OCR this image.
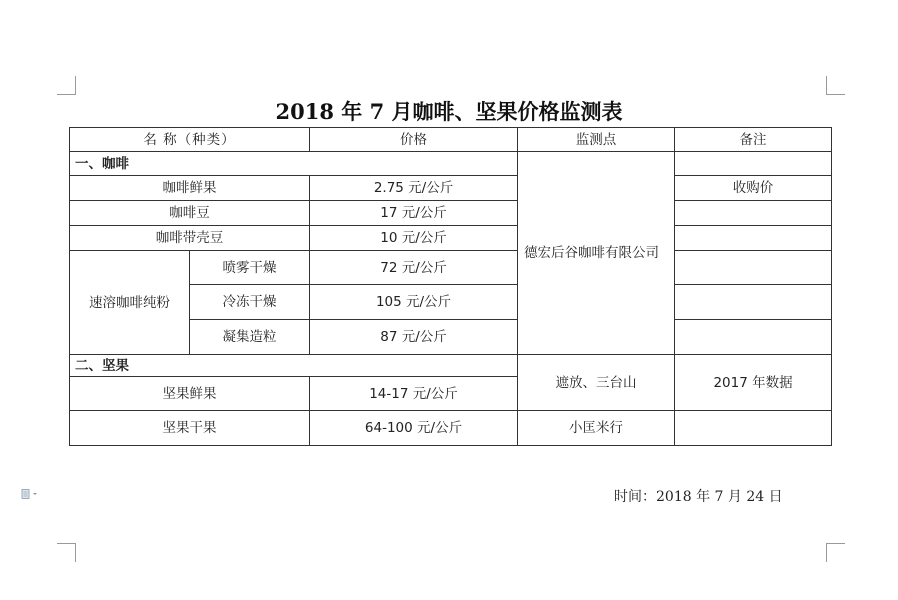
2018 年 7 月咖啡、坚果价格监测表
名 称（种类）		价格	监测点	备注
一、咖啡			德宏后谷咖啡有限公司	
咖啡鲜果		2.75 元/公斤		收购价
咖啡豆		17 元/公斤		
咖啡带壳豆		10 元/公斤		
速溶咖啡纯粉	喷雾干燥	72 元/公斤		
	冷冻干燥	105 元/公斤		
	凝集造粒	87 元/公斤		
二、坚果			遮放、三台山	2017 年数据
坚果鲜果		14-17 元/公斤		
坚果干果		64-100 元/公斤	小匡米行	
时间：2018 年 7 月 24 日
